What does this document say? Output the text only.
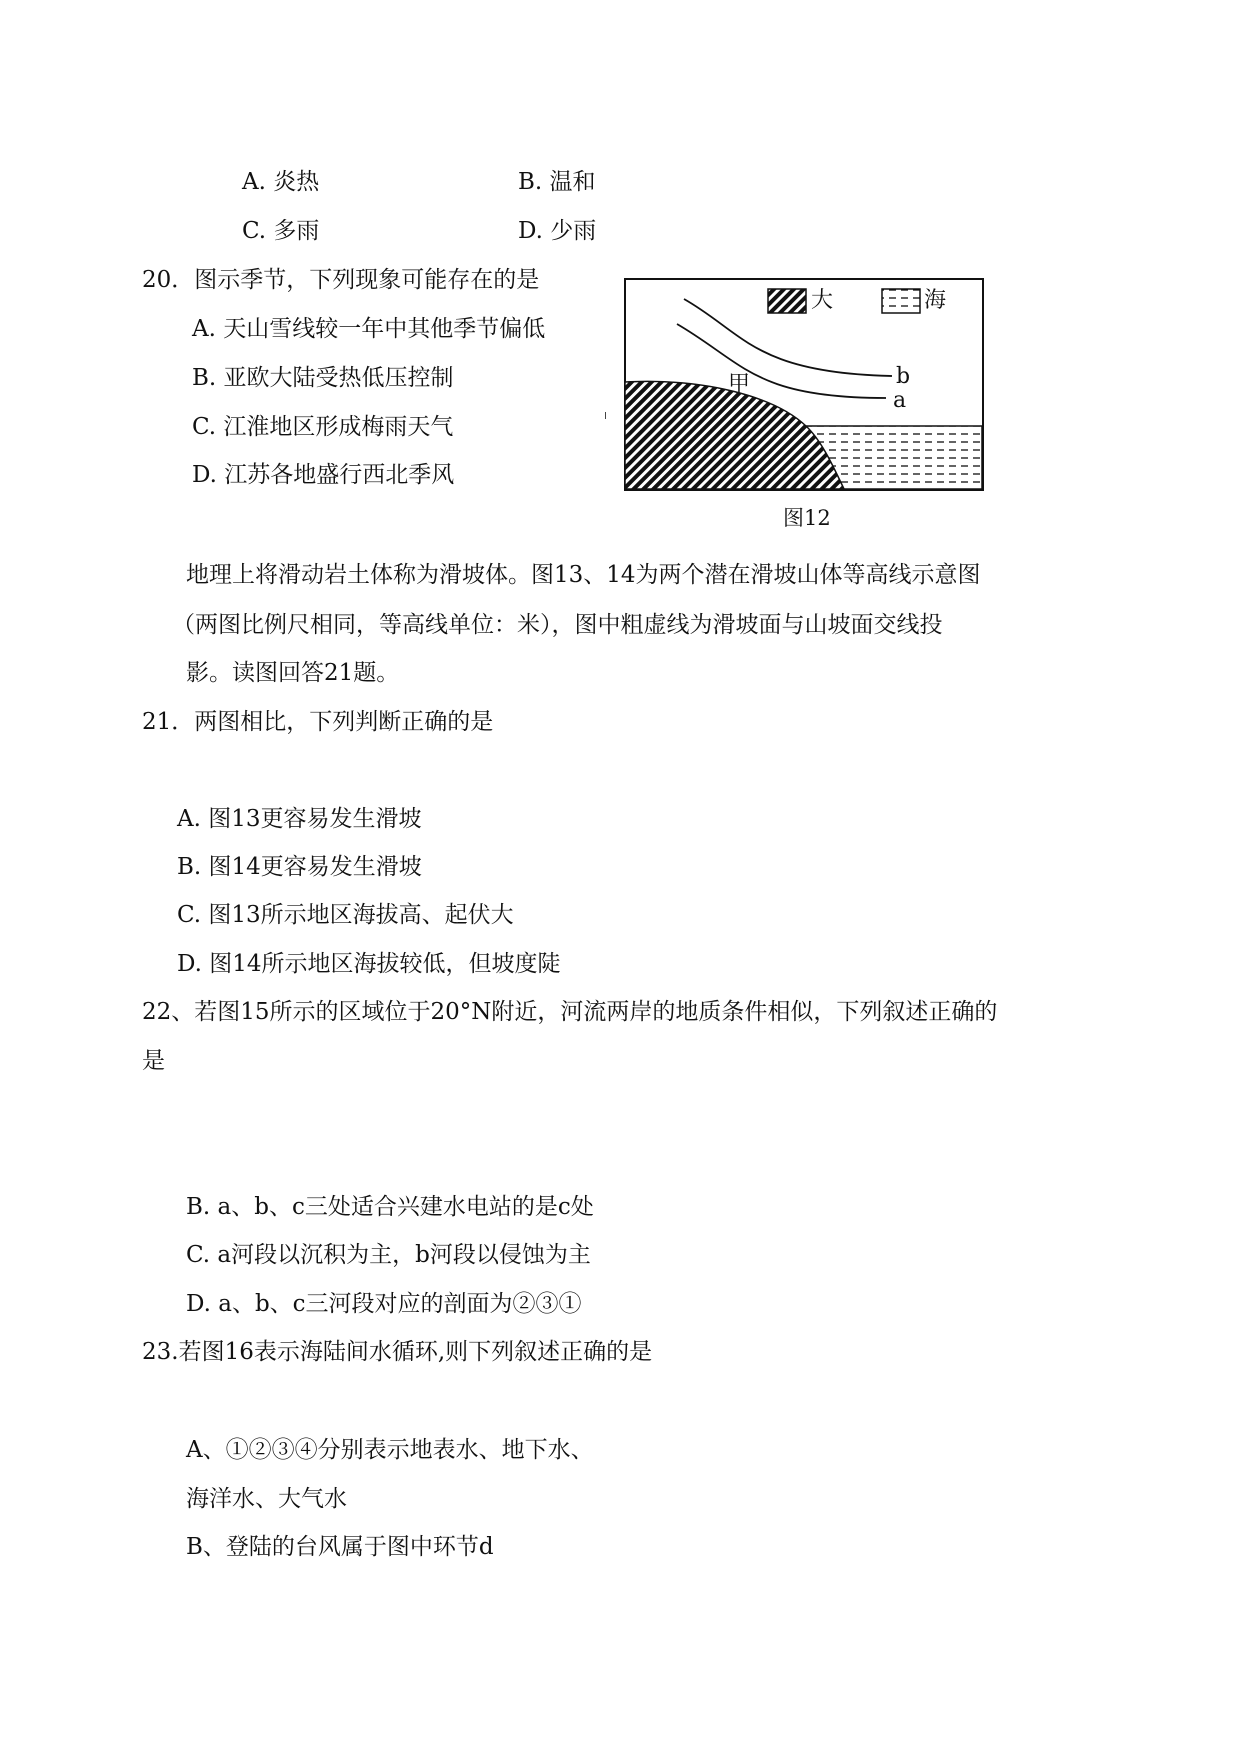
A. 炎热	B. 温和
C. 多雨	D. 少雨
20．图示季节，下列现象可能存在的是
A. 天山雪线较一年中其他季节偏低
B. 亚欧大陆受热低压控制
C. 江淮地区形成梅雨天气
D. 江苏各地盛行西北季风
大	海
甲	b
a
图12
地理上将滑动岩土体称为滑坡体。图13、14为两个潜在滑坡山体等高线示意图
（两图比例尺相同，等高线单位：米），图中粗虚线为滑坡面与山坡面交线投
影。读图回答21题。
21．两图相比，下列判断正确的是
A. 图13更容易发生滑坡
B. 图14更容易发生滑坡
C. 图13所示地区海拔高、起伏大
D. 图14所示地区海拔较低，但坡度陡
22、若图15所示的区域位于20°N附近，河流两岸的地质条件相似，下列叙述正确的
是
B. a、b、c三处适合兴建水电站的是c处
C. a河段以沉积为主，b河段以侵蚀为主
D. a、b、c三河段对应的剖面为②③①
23.若图16表示海陆间水循环,则下列叙述正确的是
A、①②③④分别表示地表水、地下水、
海洋水、大气水
B、登陆的台风属于图中环节d
